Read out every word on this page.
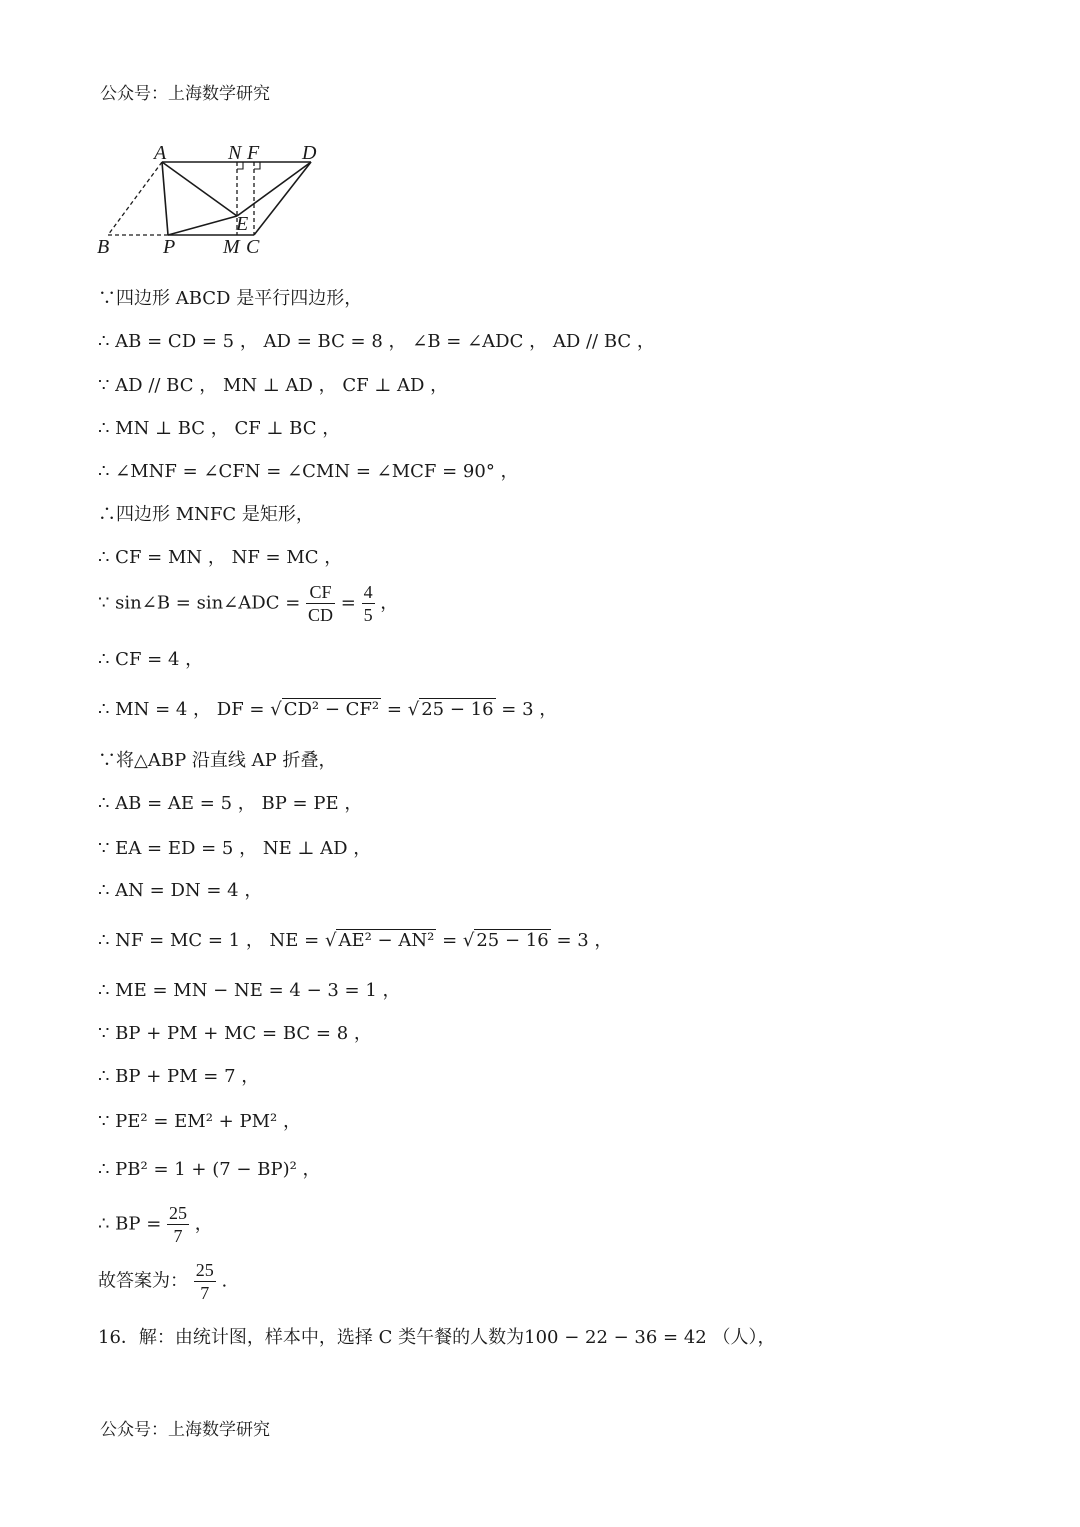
公众号：上海数学研究
A	N F D
E
B	P M C
∵四边形 ABCD 是平行四边形，
∴ AB = CD = 5 ， AD = BC = 8 ， ∠B = ∠ADC ， AD // BC ，
∵ AD // BC ， MN ⊥ AD ， CF ⊥ AD ，
∴ MN ⊥ BC ， CF ⊥ BC ，
∴ ∠MNF = ∠CFN = ∠CMN = ∠MCF = 90° ，
∴四边形 MNFC 是矩形，
∴ CF = MN ， NF = MC ，
∵ sin∠B = sin∠ADC = $\frac{CF}{CD} = \frac{4}{5}$ ，
∴ CF = 4 ，
∴ MN = 4 ， DF = √ CD² − CF² = √ 25 − 16 = 3 ，
∵将△ABP 沿直线 AP 折叠，
∴ AB = AE = 5 ， BP = PE ，
∵ EA = ED = 5 ， NE ⊥ AD ，
∴ AN = DN = 4 ，
∴ NF = MC = 1 ， NE = √ AE² − AN² = √ 25 − 16 = 3 ，
∴ ME = MN − NE = 4 − 3 = 1 ，
∵ BP + PM + MC = BC = 8 ，
∴ BP + PM = 7 ，
∵ PE² = EM² + PM² ，
∴ PB² = 1 + (7 − BP)² ，
∴ BP = $\frac{25}{7}$ ，
故答案为： $\frac{25}{7}$ .
16．解：由统计图，样本中，选择 C 类午餐的人数为100 − 22 − 36 = 42 （人），
公众号：上海数学研究
